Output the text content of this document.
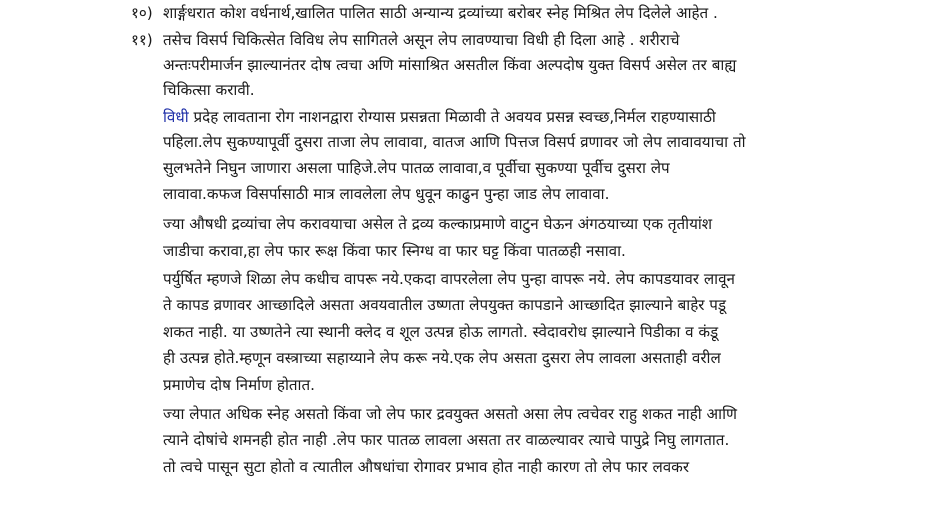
१०) शार्ङ्गधरात कोश वर्धनार्थ,खालित पालित साठी अन्यान्य द्रव्यांच्या बरोबर स्नेह मिश्रित लेप दिलेले आहेत .
११) तसेच विसर्प चिकित्सेत विविध लेप सागितले असून लेप लावण्याचा विधी ही दिला आहे . शरीराचे
अन्तःपरीमार्जन झाल्यानंतर दोष त्वचा अणि मांसाश्रित असतील किंवा अल्पदोष युक्त विसर्प असेल तर बाह्य
चिकित्सा करावी.
विधी प्रदेह लावताना रोग नाशनद्वारा रोग्यास प्रसन्नता मिळावी ते अवयव प्रसन्न स्वच्छ,निर्मल राहण्यासाठी
पहिला.लेप सुकण्यापूर्वी दुसरा ताजा लेप लावावा, वातज आणि पित्तज विसर्प व्रणावर जो लेप लावावयाचा तो
सुलभतेने निघुन जाणारा असला पाहिजे.लेप पातळ लावावा,व पूर्वीचा सुकण्या पूर्वीच दुसरा लेप
लावावा.कफज विसर्पासाठी मात्र लावलेला लेप धुवून काढुन पुन्हा जाड लेप लावावा.
ज्या औषधी द्रव्यांचा लेप करावयाचा असेल ते द्रव्य कल्काप्रमाणे वाटुन घेऊन अंगठयाच्या एक तृतीयांश
जाडीचा करावा,हा लेप फार रूक्ष किंवा फार स्निग्ध वा फार घट्ट किंवा पातळही नसावा.
पर्युर्षित म्हणजे शिळा लेप कधीच वापरू नये.एकदा वापरलेला लेप पुन्हा वापरू नये. लेप कापडयावर लावून
ते कापड व्रणावर आच्छादिले असता अवयवातील उष्णता लेपयुक्त कापडाने आच्छादित झाल्याने बाहेर पडू
शकत नाही. या उष्णतेने त्या स्थानी क्लेद व शूल उत्पन्न होऊ लागतो. स्वेदावरोध झाल्याने पिडीका व कंडू
ही उत्पन्न होते.म्हणून वस्त्राच्या सहाय्याने लेप करू नये.एक लेप असता दुसरा लेप लावला असताही वरील
प्रमाणेच दोष निर्माण होतात.
ज्या लेपात अधिक स्नेह असतो किंवा जो लेप फार द्रवयुक्त असतो असा लेप त्वचेवर राहु शकत नाही आणि
त्याने दोषांचे शमनही होत नाही .लेप फार पातळ लावला असता तर वाळल्यावर त्याचे पापुद्रे निघु लागतात.
तो त्वचे पासून सुटा होतो व त्यातील औषधांचा रोगावर प्रभाव होत नाही कारण तो लेप फार लवकर
